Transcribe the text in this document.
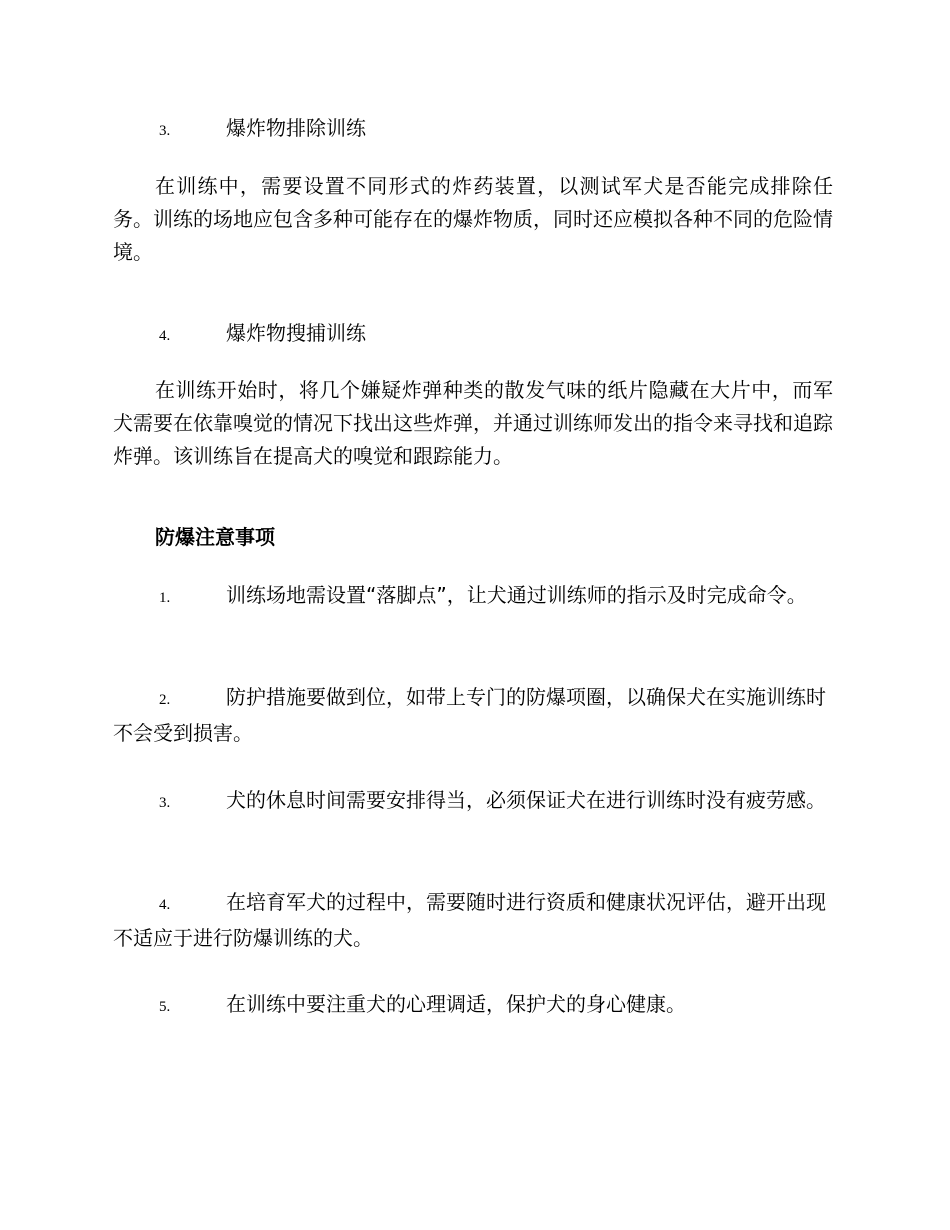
3.	爆炸物排除训练
在训练中，需要设置不同形式的炸药装置，以测试军犬是否能完成排除任务。训练的场地应包含多种可能存在的爆炸物质，同时还应模拟各种不同的危险情境。
4.	爆炸物搜捕训练
在训练开始时，将几个嫌疑炸弹种类的散发气味的纸片隐藏在大片中，而军犬需要在依靠嗅觉的情况下找出这些炸弹，并通过训练师发出的指令来寻找和追踪炸弹。该训练旨在提高犬的嗅觉和跟踪能力。
防爆注意事项
1.	训练场地需设置“落脚点”，让犬通过训练师的指示及时完成命令。
2.	防护措施要做到位，如带上专门的防爆项圈，以确保犬在实施训练时不会受到损害。
3.	犬的休息时间需要安排得当，必须保证犬在进行训练时没有疲劳感。
4.	在培育军犬的过程中，需要随时进行资质和健康状况评估，避开出现不适应于进行防爆训练的犬。
5.	在训练中要注重犬的心理调适，保护犬的身心健康。
